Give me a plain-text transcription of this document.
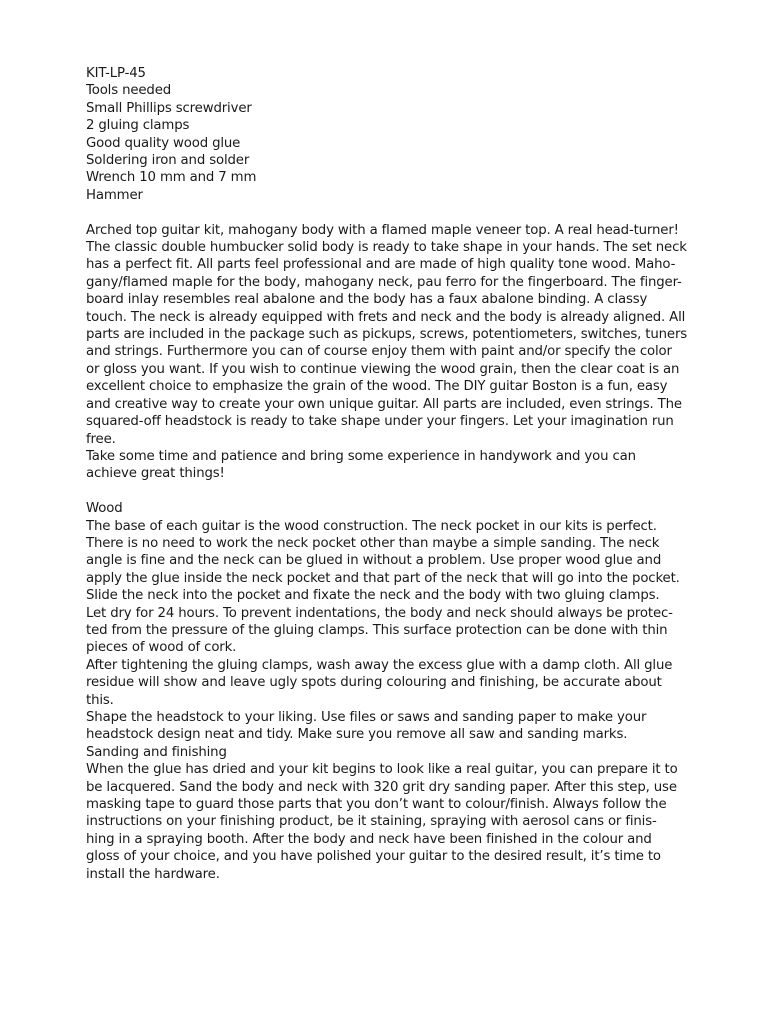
KIT-LP-45
Tools needed
Small Phillips screwdriver
2 gluing clamps
Good quality wood glue
Soldering iron and solder
Wrench 10 mm and 7 mm
Hammer
Arched top guitar kit, mahogany body with a flamed maple veneer top. A real head-turner!
The classic double humbucker solid body is ready to take shape in your hands. The set neck
has a perfect fit. All parts feel professional and are made of high quality tone wood. Maho-
gany/flamed maple for the body, mahogany neck, pau ferro for the fingerboard. The finger-
board inlay resembles real abalone and the body has a faux abalone binding. A classy
touch. The neck is already equipped with frets and neck and the body is already aligned. All
parts are included in the package such as pickups, screws, potentiometers, switches, tuners
and strings. Furthermore you can of course enjoy them with paint and/or specify the color
or gloss you want. If you wish to continue viewing the wood grain, then the clear coat is an
excellent choice to emphasize the grain of the wood. The DIY guitar Boston is a fun, easy
and creative way to create your own unique guitar. All parts are included, even strings. The
squared-off headstock is ready to take shape under your fingers. Let your imagination run
free.
Take some time and patience and bring some experience in handywork and you can
achieve great things!
Wood
The base of each guitar is the wood construction. The neck pocket in our kits is perfect.
There is no need to work the neck pocket other than maybe a simple sanding. The neck
angle is fine and the neck can be glued in without a problem. Use proper wood glue and
apply the glue inside the neck pocket and that part of the neck that will go into the pocket.
Slide the neck into the pocket and fixate the neck and the body with two gluing clamps.
Let dry for 24 hours. To prevent indentations, the body and neck should always be protec-
ted from the pressure of the gluing clamps. This surface protection can be done with thin
pieces of wood of cork.
After tightening the gluing clamps, wash away the excess glue with a damp cloth. All glue
residue will show and leave ugly spots during colouring and finishing, be accurate about
this.
Shape the headstock to your liking. Use files or saws and sanding paper to make your
headstock design neat and tidy. Make sure you remove all saw and sanding marks.
Sanding and finishing
When the glue has dried and your kit begins to look like a real guitar, you can prepare it to
be lacquered. Sand the body and neck with 320 grit dry sanding paper. After this step, use
masking tape to guard those parts that you don’t want to colour/finish. Always follow the
instructions on your finishing product, be it staining, spraying with aerosol cans or finis-
hing in a spraying booth. After the body and neck have been finished in the colour and
gloss of your choice, and you have polished your guitar to the desired result, it’s time to
install the hardware.
